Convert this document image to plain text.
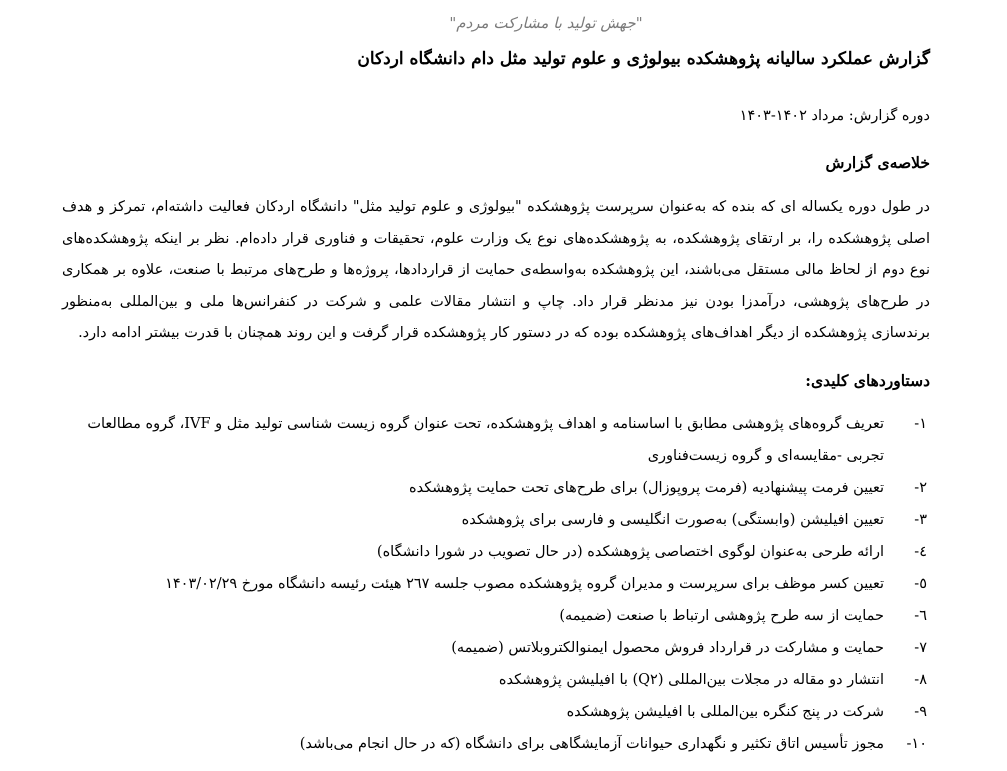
"جهش تولید با مشارکت مردم"
گزارش عملکرد سالیانه پژوهشکده بیولوژی و علوم تولید مثل دام دانشگاه اردکان
دوره گزارش: مرداد ۱۴۰۲-۱۴۰۳
خلاصه‌ی گزارش

در طول دوره یکساله ای که بنده که به‌عنوان سرپرست پژوهشکده "بیولوژی و علوم تولید مثل" دانشگاه اردکان فعالیت داشته‌ام، تمرکز و هدف اصلی پژوهشکده را، بر ارتقای پژوهشکده، به پژوهشکده‌های نوع یک وزارت علوم، تحقیقات و فناوری قرار داده‌ام. نظر بر اینکه پژوهشکده‌های نوع دوم از لحاظ مالی مستقل می‌باشند، این پژوهشکده به‌واسطه‌ی حمایت از قراردادها، پروژه‌ها و طرح‌های مرتبط با صنعت، علاوه بر همکاری در طرح‌های پژوهشی، درآمدزا بودن نیز مدنظر قرار داد. چاپ و انتشار مقالات علمی و شرکت در کنفرانس‌ها ملی و بین‌المللی به‌منظور برندسازی پژوهشکده از دیگر اهداف‌های پژوهشکده بوده که در دستور کار پژوهشکده قرار گرفت و این روند همچنان با قدرت بیشتر ادامه دارد.

دستاوردهای کلیدی:
۱-
تعریف گروه‌های پژوهشی مطابق با اساسنامه و اهداف پژوهشکده، تحت عنوان گروه زیست شناسی تولید مثل و IVF، گروه مطالعات تجربی -مقایسه‌ای و گروه زیست‌فناوری
۲-
تعیین فرمت پیشنهادیه (فرمت پروپوزال) برای طرح‌های تحت حمایت پژوهشکده
۳-
تعیین افیلیشن (وابستگی) به‌صورت انگلیسی و فارسی برای پژوهشکده
٤-
ارائه طرحی به‌عنوان لوگوی اختصاصی پژوهشکده (در حال تصویب در شورا دانشگاه)
٥-
تعیین کسر موظف برای سرپرست و مدیران گروه پژوهشکده مصوب جلسه ۲٦۷ هیئت رئیسه دانشگاه مورخ ۱۴۰۳/۰۲/۲۹
٦-
حمایت از سه طرح پژوهشی ارتباط با صنعت (ضمیمه)
۷-
حمایت و مشارکت در قرارداد فروش محصول ایمنوالکتروبلاتس (ضمیمه)
۸-
انتشار دو مقاله در مجلات بین‌المللی (Q۲) با افیلیشن پژوهشکده
۹-
شرکت در پنج کنگره بین‌المللی با افیلیشن پژوهشکده
۱۰-
مجوز تأسیس اتاق تکثیر و نگهداری حیوانات آزمایشگاهی برای دانشگاه (که در حال انجام می‌باشد)
